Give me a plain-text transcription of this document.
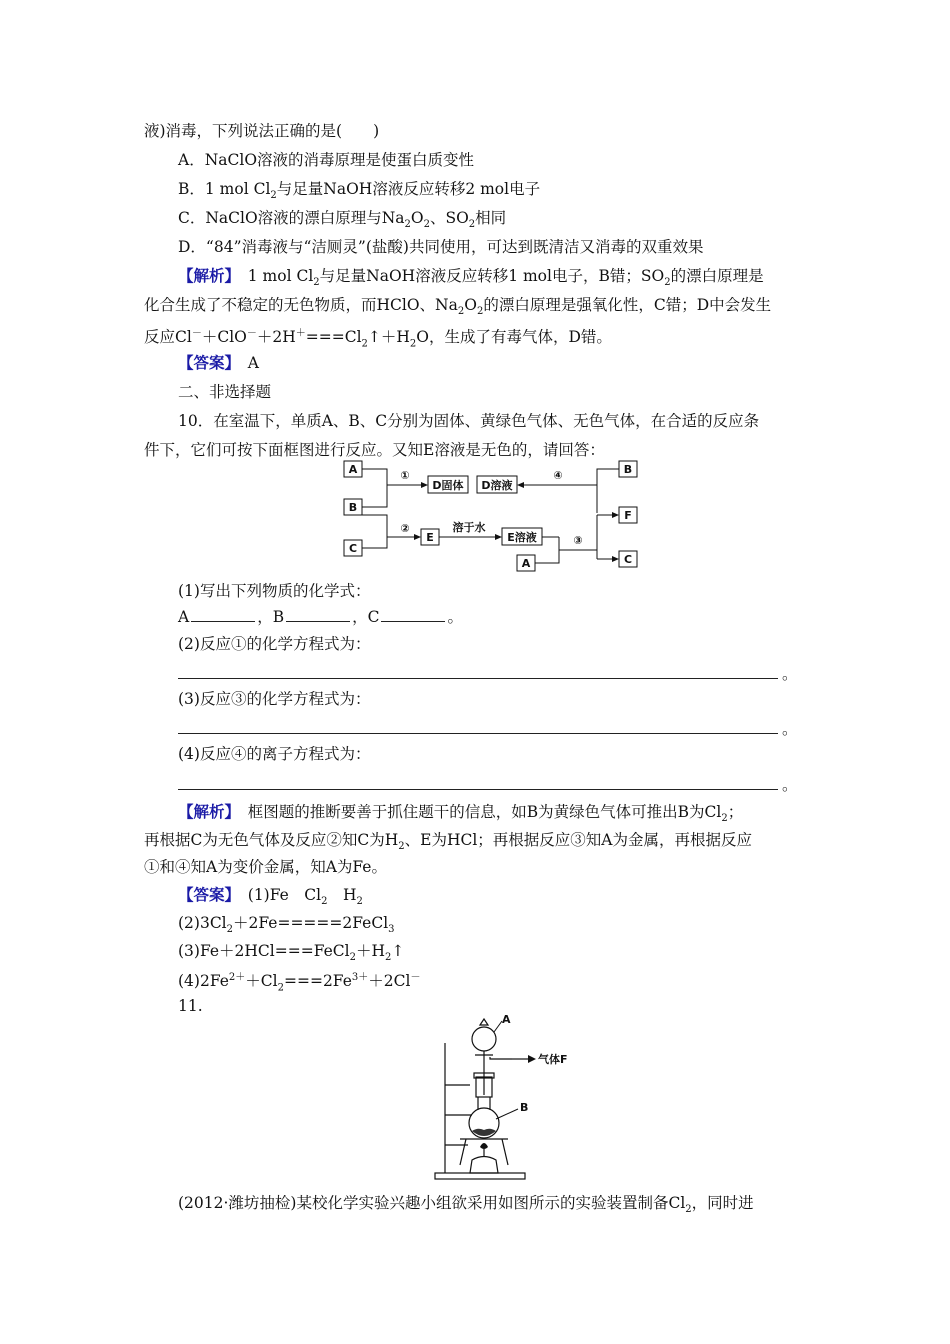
液)消毒，下列说法正确的是(　　)
A．NaClO溶液的消毒原理是使蛋白质变性
B．1 mol $Cl_2$与足量NaOH溶液反应转移2 mol电子
C．NaClO溶液的漂白原理与$Na_2O_2$、$SO_2$相同
D．“84”消毒液与“洁厕灵”(盐酸)共同使用，可达到既清洁又消毒的双重效果
【解析】　1 mol $Cl_2$与足量NaOH溶液反应转移1 mol电子，B错；$SO_2$的漂白原理是
化合生成了不稳定的无色物质，而HClO、$Na_2O_2$的漂白原理是强氧化性，C错；D中会发生
反应$Cl^-+ClO^-+2H^+===Cl_2↑+H_2O$，生成了有毒气体，D错。
【答案】　A
二、非选择题
10．在室温下，单质A、B、C分别为固体、黄绿色气体、无色气体，在合适的反应条
件下，它们可按下面框图进行反应。又知E溶液是无色的，请回答：
A
B
C
D固体 D溶液
E	E溶液
A
B
F
C
①
②
③
④
溶于水
(1)写出下列物质的化学式：
A	，B	，C	。
(2)反应①的化学方程式为：
。
(3)反应③的化学方程式为：
。
(4)反应④的离子方程式为：
。
【解析】　框图题的推断要善于抓住题干的信息，如B为黄绿色气体可推出B为$Cl_2$；
再根据C为无色气体及反应②知C为$H_2$、E为HCl；再根据反应③知A为金属，再根据反应
①和④知A为变价金属，知A为Fe。
【答案】　(1)Fe　$Cl_2$　$H_2$
$(2)3Cl_2+2Fe=====2FeCl_3$
$(3)Fe+2HCl===FeCl_2+H_2↑$
$(4)2Fe^{2+}+Cl_2===2Fe^{3+}+2Cl^-$
11.
A
气体F
B
(2012·潍坊抽检)某校化学实验兴趣小组欲采用如图所示的实验装置制备$Cl_2$，同时进
